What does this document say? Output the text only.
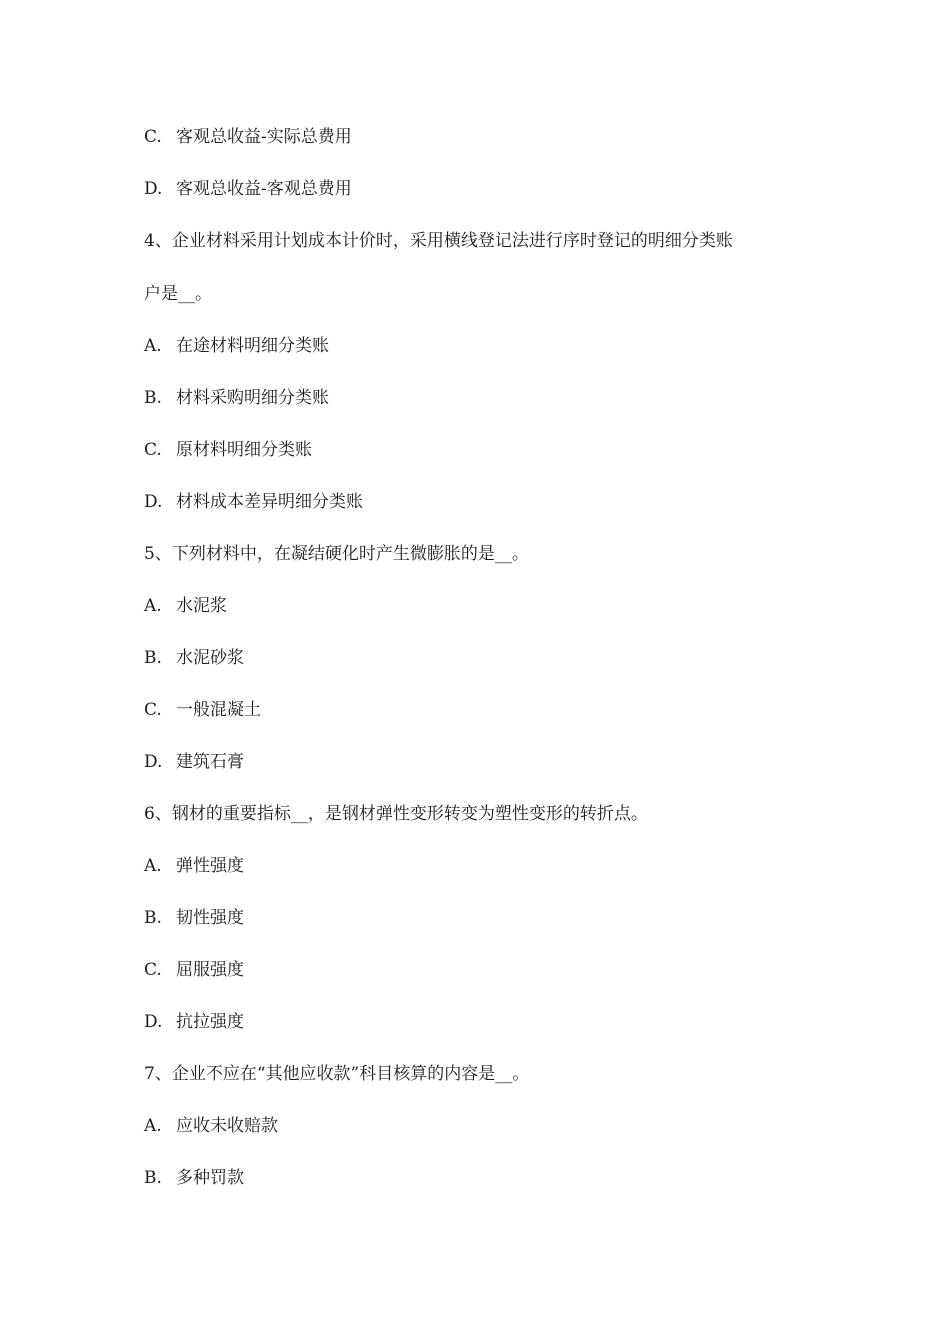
C. 客观总收益-实际总费用
D. 客观总收益-客观总费用
4、企业材料采用计划成本计价时，采用横线登记法进行序时登记的明细分类账
户是__。
A. 在途材料明细分类账
B. 材料采购明细分类账
C. 原材料明细分类账
D. 材料成本差异明细分类账
5、下列材料中，在凝结硬化时产生微膨胀的是__。
A. 水泥浆
B. 水泥砂浆
C. 一般混凝土
D. 建筑石膏
6、钢材的重要指标__，是钢材弹性变形转变为塑性变形的转折点。
A. 弹性强度
B. 韧性强度
C. 屈服强度
D. 抗拉强度
7、企业不应在“其他应收款”科目核算的内容是__。
A. 应收未收赔款
B. 多种罚款
